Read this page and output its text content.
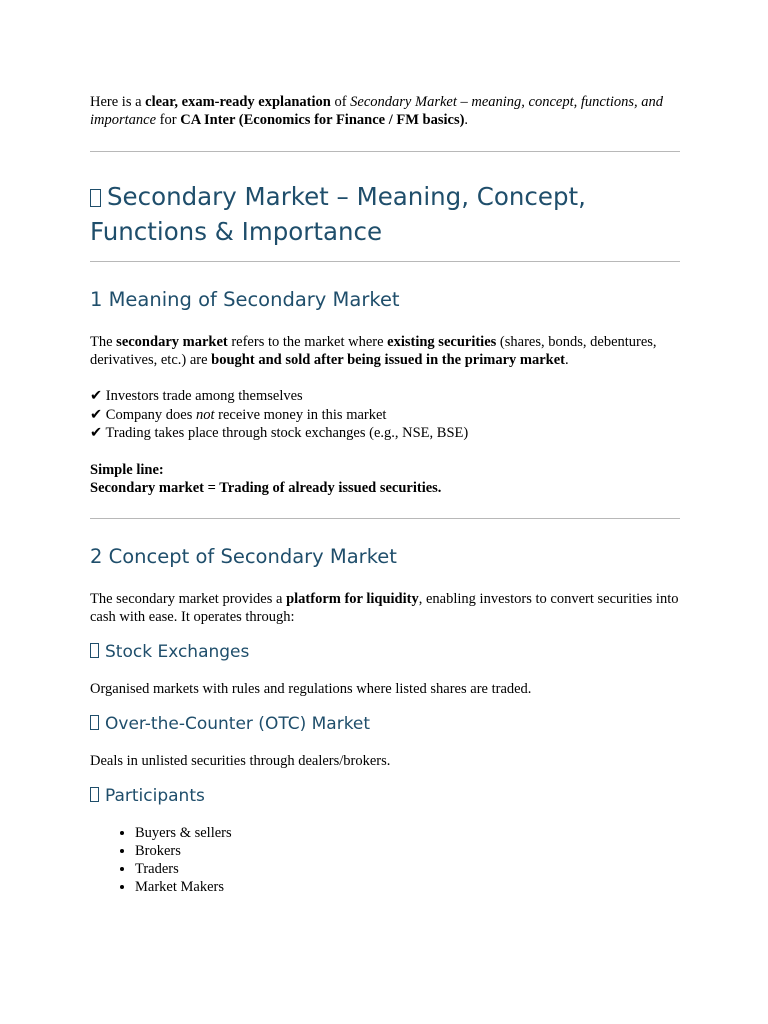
Here is a clear, exam-ready explanation of Secondary Market – meaning, concept, functions, and importance for CA Inter (Economics for Finance / FM basics).

Secondary Market – Meaning, Concept, Functions & Importance
1 Meaning of Secondary Market

The secondary market refers to the market where existing securities (shares, bonds, debentures, derivatives, etc.) are bought and sold after being issued in the primary market.

✔ Investors trade among themselves

✔ Company does not receive money in this market

✔ Trading takes place through stock exchanges (e.g., NSE, BSE)

Simple line:

Secondary market = Trading of already issued securities.

2 Concept of Secondary Market

The secondary market provides a platform for liquidity, enabling investors to convert securities into cash with ease. It operates through:

Stock Exchanges

Organised markets with rules and regulations where listed shares are traded.

Over-the-Counter (OTC) Market

Deals in unlisted securities through dealers/brokers.

Participants
• Buyers & sellers
• Brokers
• Traders
• Market Makers
